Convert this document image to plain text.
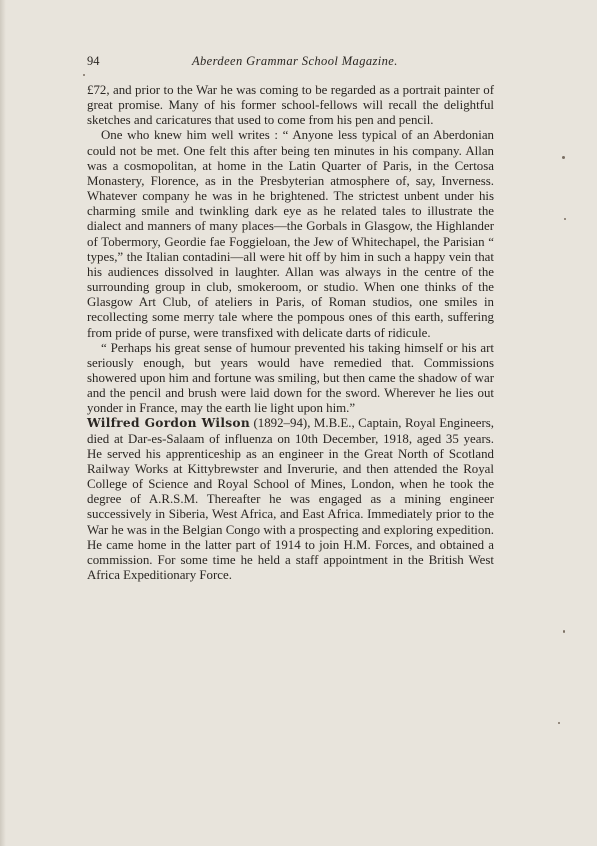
94	Aberdeen Grammar School Magazine.

£72, and prior to the War he was coming to be regarded as a portrait painter of great promise. Many of his former school-fellows will recall the delightful sketches and caricatures that used to come from his pen and pencil.

One who knew him well writes : “ Anyone less typical of an Aberdonian could not be met. One felt this after being ten minutes in his company. Allan was a cosmopolitan, at home in the Latin Quarter of Paris, in the Certosa Monastery, Florence, as in the Presbyterian atmosphere of, say, Inverness. Whatever company he was in he brightened. The strictest unbent under his charming smile and twinkling dark eye as he related tales to illustrate the dialect and manners of many places—the Gorbals in Glasgow, the Highlander of Tobermory, Geordie fae Foggieloan, the Jew of Whitechapel, the Parisian “ types,” the Italian contadini—all were hit off by him in such a happy vein that his audiences dissolved in laughter. Allan was always in the centre of the surrounding group in club, smokeroom, or studio. When one thinks of the Glasgow Art Club, of ateliers in Paris, of Roman studios, one smiles in recollecting some merry tale where the pompous ones of this earth, suffering from pride of purse, were transfixed with delicate darts of ridicule.

“ Perhaps his great sense of humour prevented his taking himself or his art seriously enough, but years would have remedied that. Commissions showered upon him and fortune was smiling, but then came the shadow of war and the pencil and brush were laid down for the sword. Wherever he lies out yonder in France, may the earth lie light upon him.”

Wilfred Gordon Wilson (1892–94), M.B.E., Captain, Royal Engineers, died at Dar-es-Salaam of influenza on 10th December, 1918, aged 35 years. He served his apprenticeship as an engineer in the Great North of Scotland Railway Works at Kittybrewster and Inverurie, and then attended the Royal College of Science and Royal School of Mines, London, when he took the degree of A.R.S.M. Thereafter he was engaged as a mining engineer successively in Siberia, West Africa, and East Africa. Immediately prior to the War he was in the Belgian Congo with a prospecting and exploring expedition. He came home in the latter part of 1914 to join H.M. Forces, and obtained a commission. For some time he held a staff appointment in the British West Africa Expeditionary Force.
